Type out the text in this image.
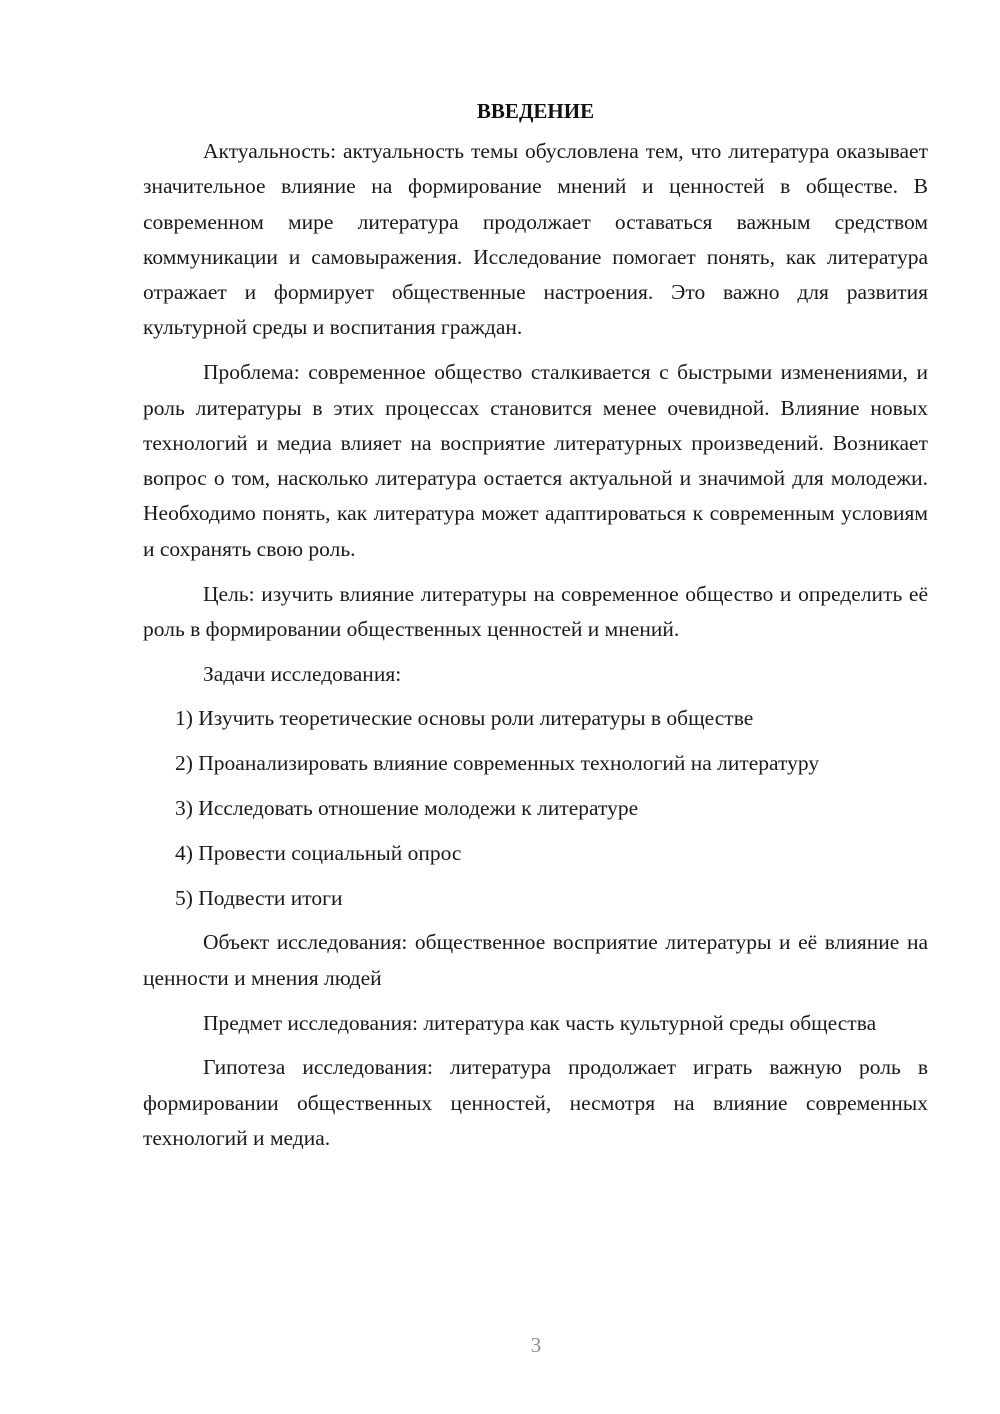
ВВЕДЕНИЕ

Актуальность: актуальность темы обусловлена тем, что литература оказывает значительное влияние на формирование мнений и ценностей в обществе. В современном мире литература продолжает оставаться важным средством коммуникации и самовыражения. Исследование помогает понять, как литература отражает и формирует общественные настроения. Это важно для развития культурной среды и воспитания граждан.

Проблема: современное общество сталкивается с быстрыми изменениями, и роль литературы в этих процессах становится менее очевидной. Влияние новых технологий и медиа влияет на восприятие литературных произведений. Возникает вопрос о том, насколько литература остается актуальной и значимой для молодежи. Необходимо понять, как литература может адаптироваться к современным условиям и сохранять свою роль.

Цель: изучить влияние литературы на современное общество и определить её роль в формировании общественных ценностей и мнений.

Задачи исследования:
1) Изучить теоретические основы роли литературы в обществе
2) Проанализировать влияние современных технологий на литературу
3) Исследовать отношение молодежи к литературе
4) Провести социальный опрос
5) Подвести итоги

Объект исследования: общественное восприятие литературы и её влияние на ценности и мнения людей

Предмет исследования: литература как часть культурной среды общества

Гипотеза исследования: литература продолжает играть важную роль в формировании общественных ценностей, несмотря на влияние современных технологий и медиа.

3
